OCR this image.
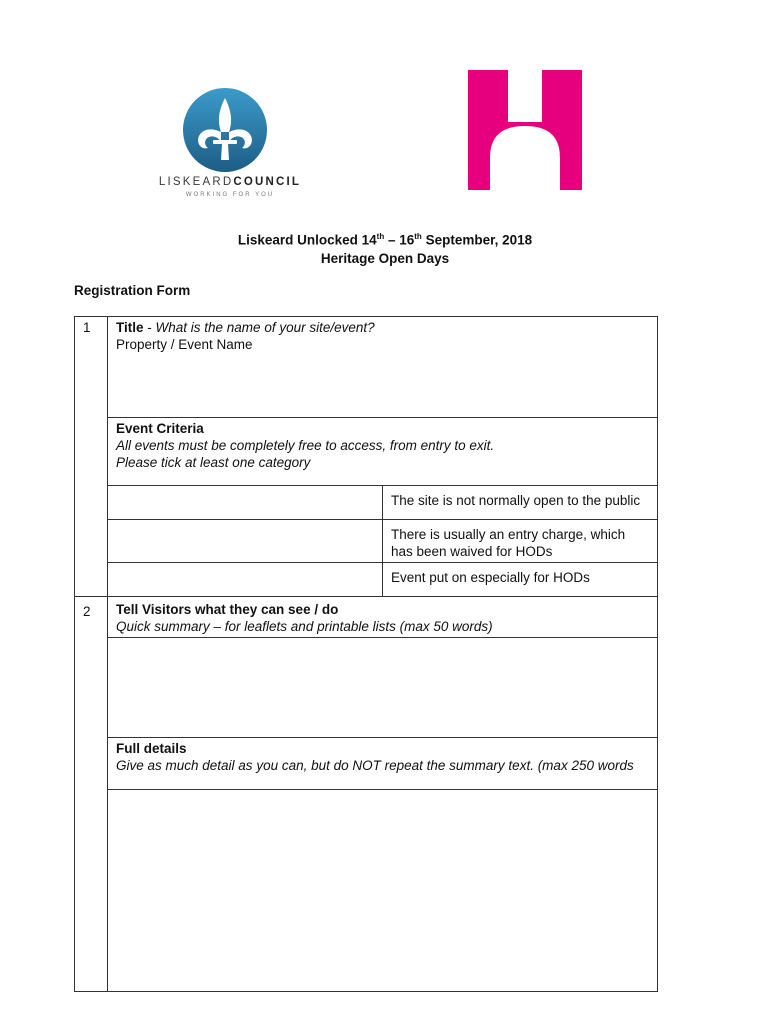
LISKEARDCOUNCIL
WORKING FOR YOU
Liskeard Unlocked 14th – 16th September, 2018
Heritage Open Days
Registration Form
1	Title - What is the name of your site/event?
Property / Event Name	

	Event Criteria
All events must be completely free to access, from entry to exit.
Please tick at least one category	

		The site is not normally open to the public
		There is usually an entry charge, which has been waived for HODs
		Event put on especially for HODs
2	Tell Visitors what they can see / do
Quick summary – for leaflets and printable lists (max 50 words)	

	Full details
Give as much detail as you can, but do NOT repeat the summary text. (max 250 words	
